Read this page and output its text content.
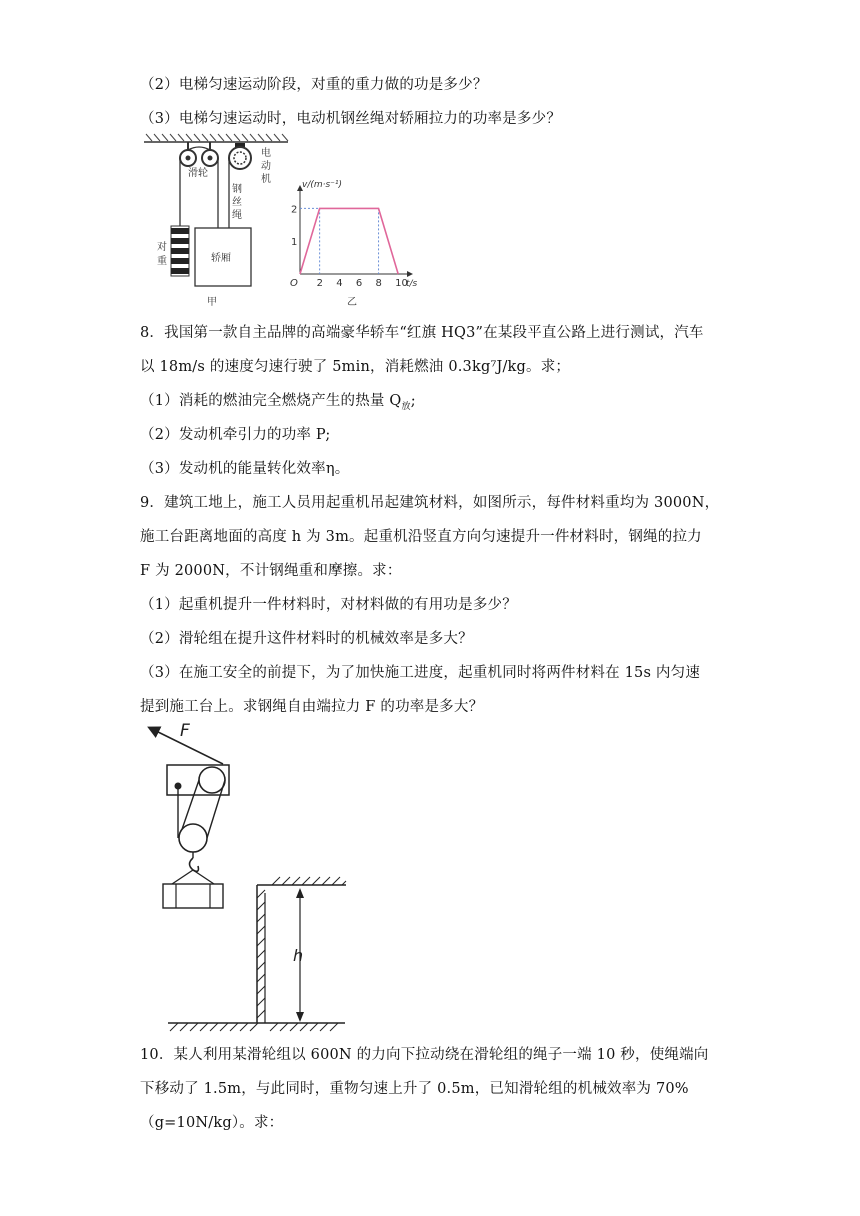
（2）电梯匀速运动阶段，对重的重力做的功是多少？
（3）电梯匀速运动时，电动机钢丝绳对轿厢拉力的功率是多少？
滑轮
电
动
机
钢
丝
绳
对
重	轿厢
甲
2 4 6 8 10
1
2
v/(m·s⁻¹)
t/s
O
乙
8．我国第一款自主品牌的高端豪华轿车“红旗 HQ3”在某段平直公路上进行测试，汽车
以 18m/s 的速度匀速行驶了 5min，消耗燃油 0.3kg⁷J/kg。求；
（1）消耗的燃油完全燃烧产生的热量 $Q_放$;
（2）发动机牵引力的功率 P;
（3）发动机的能量转化效率η。
9．建筑工地上，施工人员用起重机吊起建筑材料，如图所示，每件材料重均为 3000N，
施工台距离地面的高度 h 为 3m。起重机沿竖直方向匀速提升一件材料时，钢绳的拉力
F 为 2000N，不计钢绳重和摩擦。求：
（1）起重机提升一件材料时，对材料做的有用功是多少？
（2）滑轮组在提升这件材料时的机械效率是多大？
（3）在施工安全的前提下，为了加快施工进度，起重机同时将两件材料在 15s 内匀速
提到施工台上。求钢绳自由端拉力 F 的功率是多大？
F
h
10．某人利用某滑轮组以 600N 的力向下拉动绕在滑轮组的绳子一端 10 秒，使绳端向
下移动了 1.5m，与此同时，重物匀速上升了 0.5m，已知滑轮组的机械效率为 70%
（g=10N/kg）。求：
